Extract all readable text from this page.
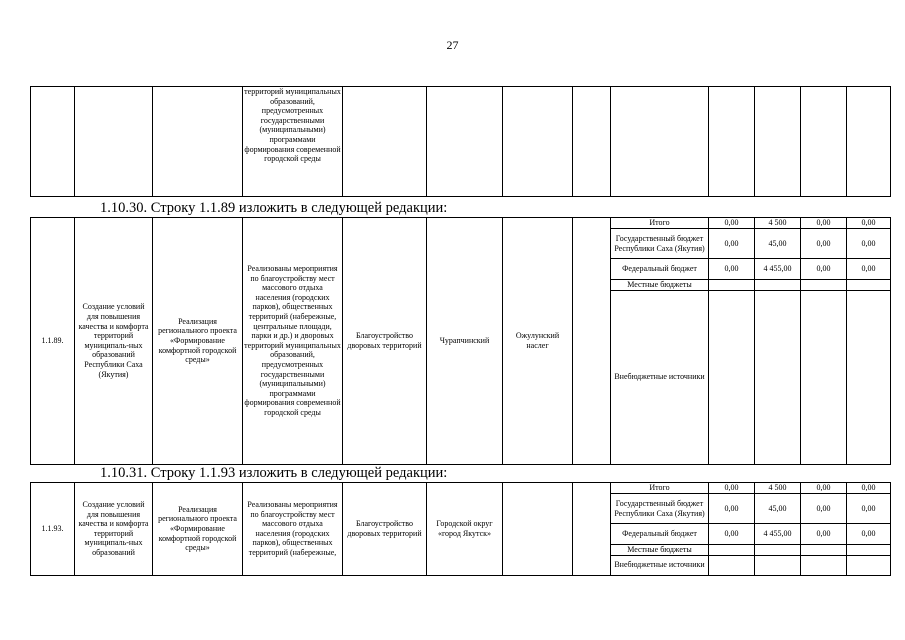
27
			территорий муниципальных образований, предусмотренных государственными (муниципальными) программами формирования современной городской среды									
1.10.30. Строку 1.1.89 изложить в следующей редакции:
1.1.89.	Создание условий для повышения качества и комфорта территорий муниципаль-ных образований Республики Саха (Якутия)	Реализация регионального проекта «Формирование комфортной городской среды»	Реализованы мероприятия по благоустройству мест массового отдыха населения (городских парков), общественных территорий (набережные, центральные площади, парки и др.) и дворовых территорий муниципальных образований, предусмотренных государственными (муниципальными) программами формирования современной городской среды	Благоустройство дворовых территорий	Чурапчинский	Ожулунский наслег		Итого	0,00	4 500	0,00	0,00
								Государственный бюджет Республики Саха (Якутия)	0,00	45,00	0,00	0,00
								Федеральный бюджет	0,00	4 455,00	0,00	0,00
								Местные бюджеты				
								Внебюджетные источники				
1.10.31. Строку 1.1.93 изложить в следующей редакции:
1.1.93.	Создание условий для повышения качества и комфорта территорий муниципаль-ных образований	Реализация регионального проекта «Формирование комфортной городской среды»	Реализованы мероприятия по благоустройству мест массового отдыха населения (городских парков), общественных территорий (набережные,	Благоустройство дворовых территорий	Городской округ «город Якутск»			Итого	0,00	4 500	0,00	0,00
								Государственный бюджет Республики Саха (Якутия)	0,00	45,00	0,00	0,00
								Федеральный бюджет	0,00	4 455,00	0,00	0,00
								Местные бюджеты				
								Внебюджетные источники				
